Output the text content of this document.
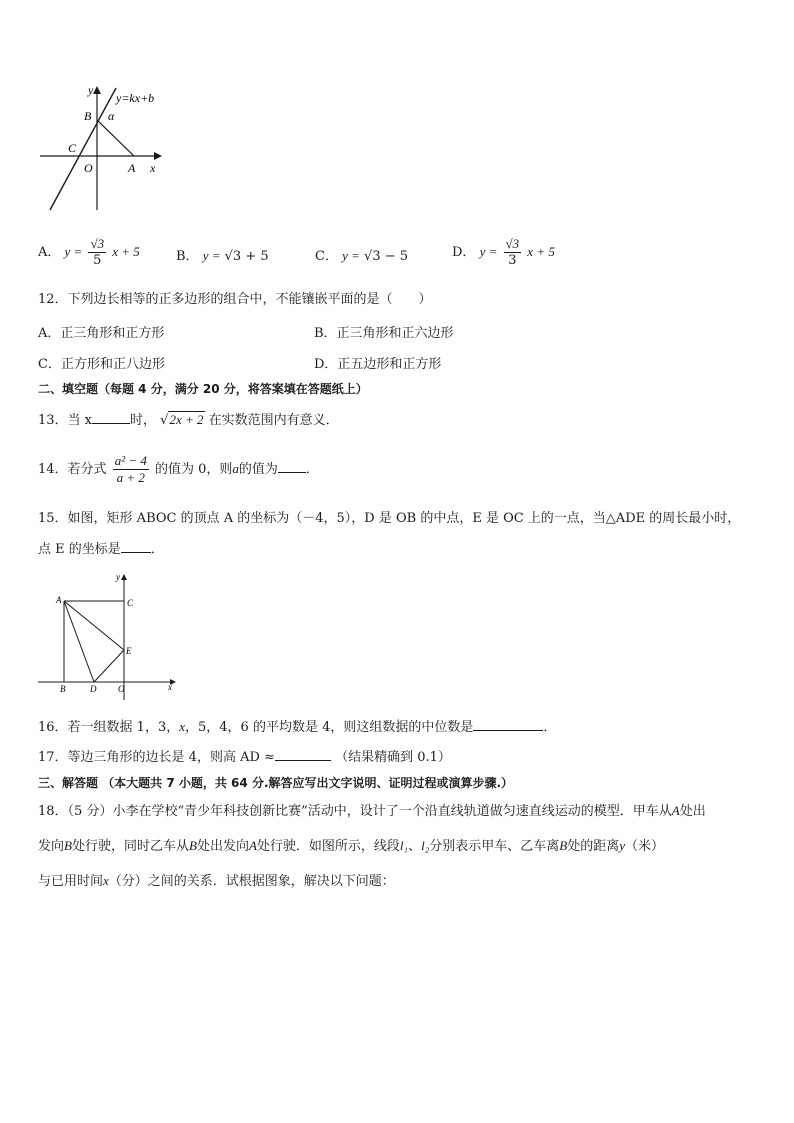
y
y=kx+b
B α
C
O	A x
A． $y = \frac{√3}{5}$ x + 5	B． y = √3 + 5	C． y = √3 − 5	D． $y = \frac{√3}{3}$ x + 5
12．下列边长相等的正多边形的组合中，不能镶嵌平面的是（　　）
A．正三角形和正方形	B．正三角形和正六边形
C．正方形和正八边形	D．正五边形和正方形
二、填空题（每题 4 分，满分 20 分，将答案填在答题纸上）
13．当 x	时， √2x + 2 在实数范围内有意义．
14．若分式 $\frac{\text{a² − 4}}{a + 2}$ 的值为 0，则a的值为 ．
15．如图，矩形 ABOC 的顶点 A 的坐标为（－4，5），D 是 OB 的中点，E 是 OC 上的一点，当△ADE 的周长最小时，
点 E 的坐标是 ．
y
A	C
E
B	D O	x
16．若一组数据 1，3，x，5，4，6 的平均数是 4，则这组数据的中位数是	．
17．等边三角形的边长是 4，则高 AD ≈	（结果精确到 0.1）
三、解答题 （本大题共 7 小题，共 64 分.解答应写出文字说明、证明过程或演算步骤.）
18．（5 分）小李在学校“青少年科技创新比赛”活动中，设计了一个沿直线轨道做匀速直线运动的模型．甲车从A处出
发向B处行驶，同时乙车从B处出发向A处行驶．如图所示，线段l₁、l₂分别表示甲车、乙车离B处的距离y（米）
与已用时间x（分）之间的关系．试根据图象，解决以下问题：
